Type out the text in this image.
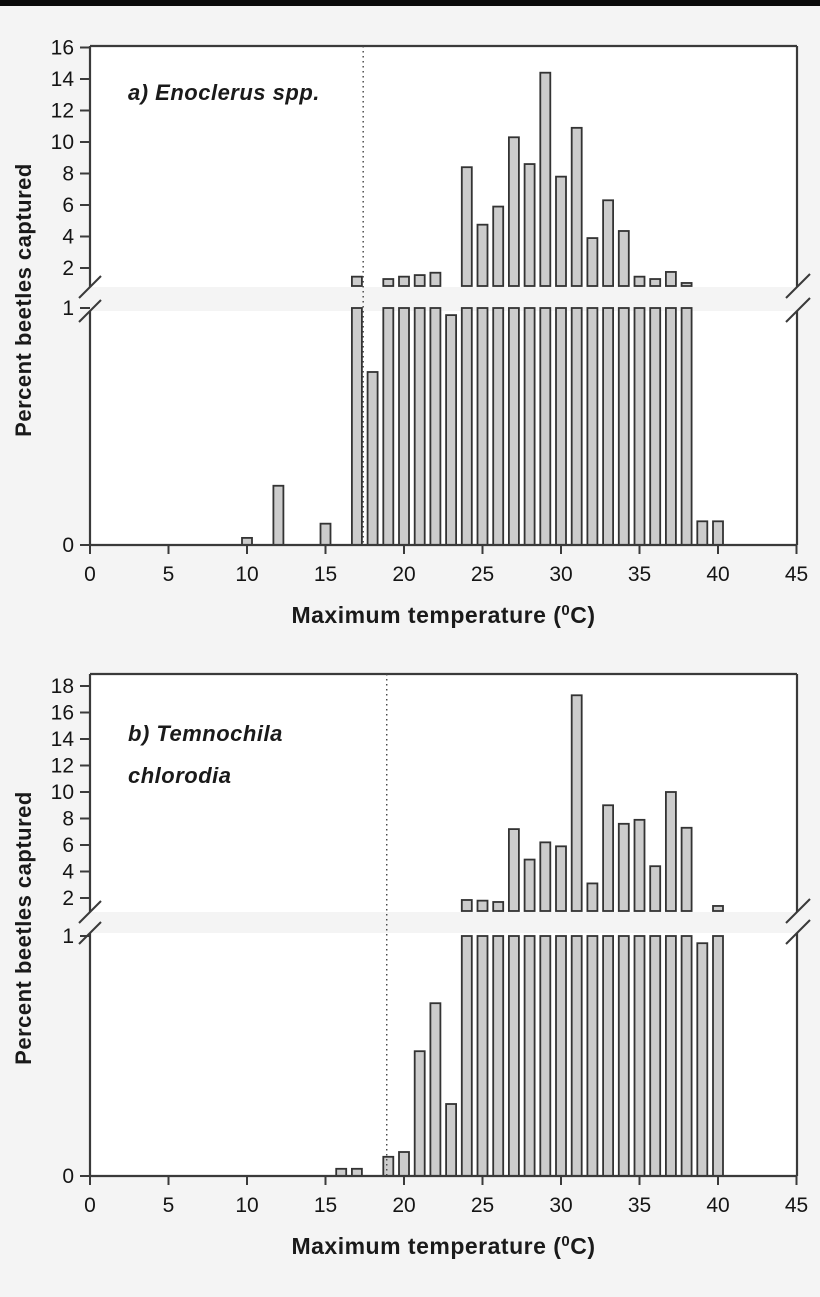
2
4
6
8
10
12
14
16
0
1
0	5	10	15	20	25	30	35	40	45
2
4
6
8
10
12
14
16
18
0
1
0	5	10	15	20	25	30	35	40	45
Percent beetles captured
Percent beetles captured
a) Enoclerus spp.
b) Temnochila
chlorodia
Maximum temperature ($^0$C)
Maximum temperature ($^0$C)
